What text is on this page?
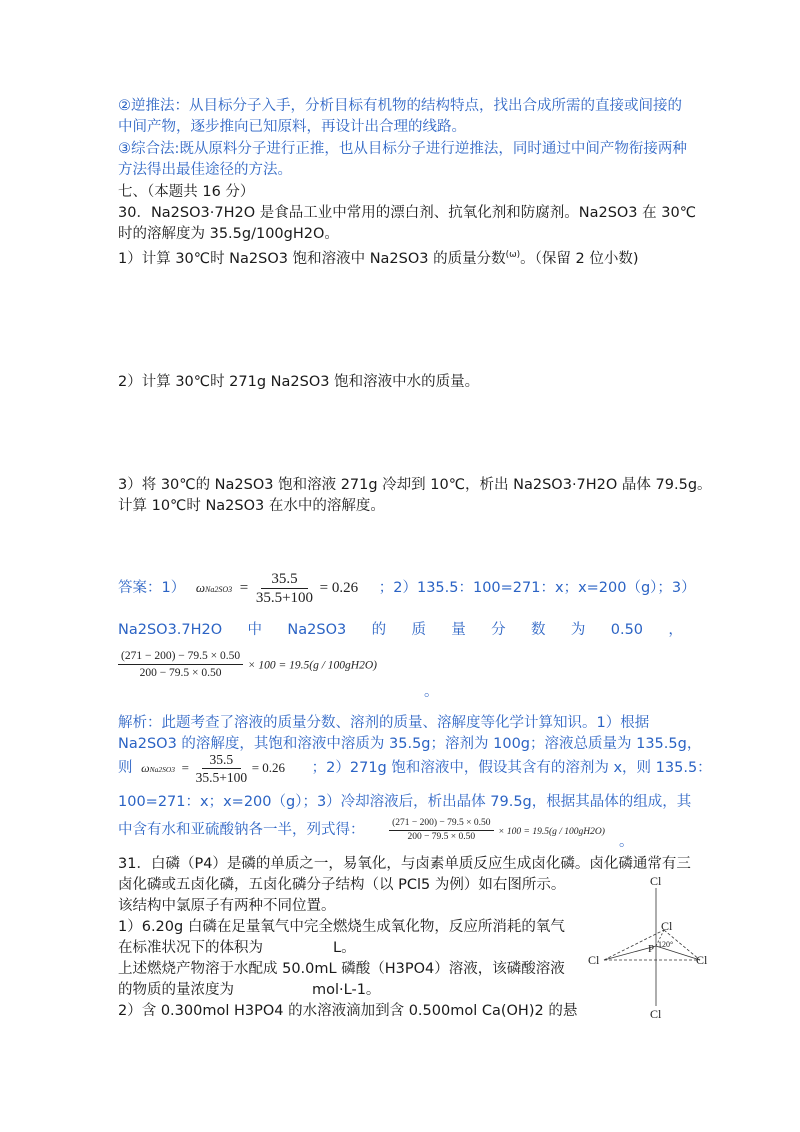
②逆推法：从目标分子入手，分析目标有机物的结构特点，找出合成所需的直接或间接的
中间产物，逐步推向已知原料，再设计出合理的线路。
③综合法:既从原料分子进行正推，也从目标分子进行逆推法，同时通过中间产物衔接两种
方法得出最佳途径的方法。
七、（本题共 16 分）
30．Na2SO3·7H2O 是食品工业中常用的漂白剂、抗氧化剂和防腐剂。Na2SO3 在 30℃
时的溶解度为 35.5g/100gH2O。
1）计算 30℃时 Na2SO3 饱和溶液中 Na2SO3 的质量分数$^{(\omega)}$。（保留 2 位小数)
2）计算 30℃时 271g Na2SO3 饱和溶液中水的质量。
3）将 30℃的 Na2SO3 饱和溶液 271g 冷却到 10℃，析出 Na2SO3·7H2O 晶体 79.5g。
计算 10℃时 Na2SO3 在水中的溶解度。
答案：1） $\omega Na2SO3 = \frac{35.5}{35.5+100} = 0.26$ ；2）135.5：100=271：x；x=200（g）；3）
Na2SO3.7H2O 中 Na2SO3 的 质 量 分 数 为 0.50 ，
$\frac{(271 - 200) - 79.5 \times 0.50}{200 - 79.5 \times 0.50} \times 100 = 19.5(g / 100gH2O)$
。
解析：此题考查了溶液的质量分数、溶剂的质量、溶解度等化学计算知识。1）根据
Na2SO3 的溶解度，其饱和溶液中溶质为 35.5g；溶剂为 100g；溶液总质量为 135.5g，
则 $\omega Na2SO3 = \frac{35.5}{35.5+100} = 0.26$ ；2）271g 饱和溶液中，假设其含有的溶剂为 x，则 135.5：
100=271：x；x=200（g）；3）冷却溶液后，析出晶体 79.5g，根据其晶体的组成，其
中含有水和亚硫酸钠各一半，列式得：	$\frac{(271 - 200) - 79.5 \times 0.50}{200 - 79.5 \times 0.50} \times 100 = 19.5(g / 100gH2O)$
。
31．白磷（P4）是磷的单质之一，易氧化，与卤素单质反应生成卤化磷。卤化磷通常有三
卤化磷或五卤化磷，五卤化磷分子结构（以 PCl5 为例）如右图所示。
该结构中氯原子有两种不同位置。
1）6.20g 白磷在足量氧气中完全燃烧生成氧化物，反应所消耗的氧气
在标准状况下的体积为	L。
上述燃烧产物溶于水配成 50.0mL 磷酸（H3PO4）溶液，该磷酸溶液
的物质的量浓度为	mol·L-1。
2）含 0.300mol H3PO4 的水溶液滴加到含 0.500mol Ca(OH)2 的悬
Cl
Cl
P 120°
Cl	Cl
Cl
